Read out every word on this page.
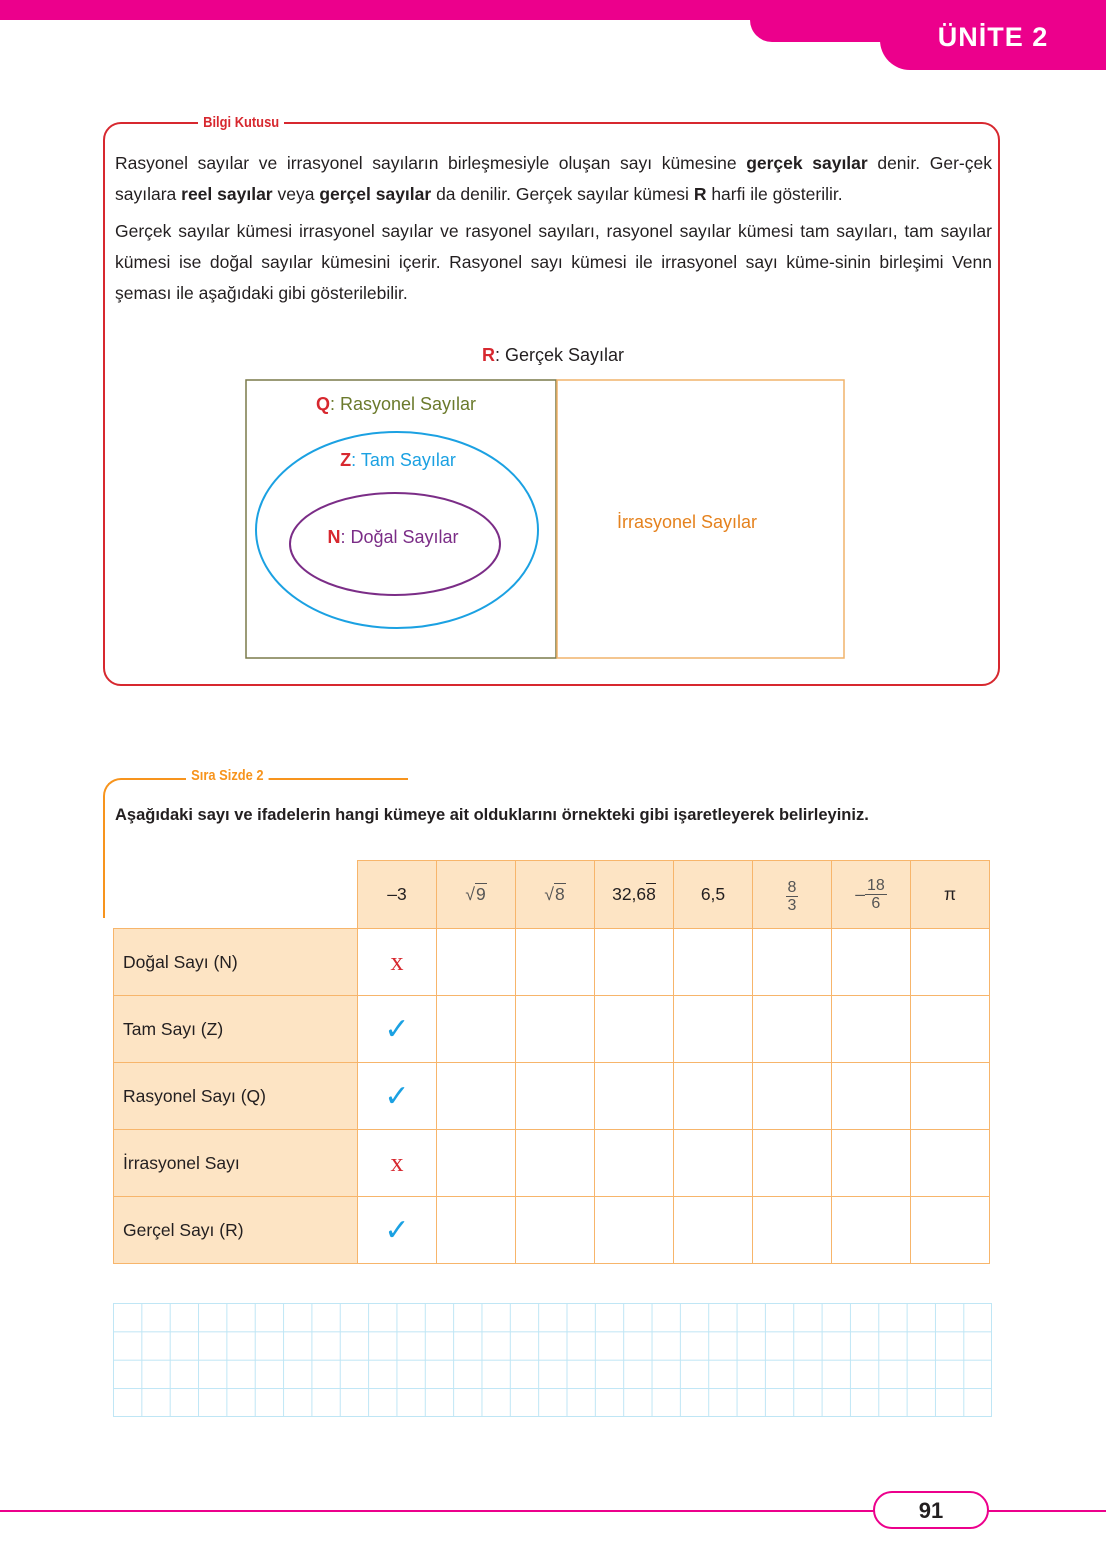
ÜNİTE 2
Bilgi Kutusu

Rasyonel sayılar ve irrasyonel sayıların birleşmesiyle oluşan sayı kümesine gerçek sayılar denir. Ger-çek sayılara reel sayılar veya gerçel sayılar da denilir. Gerçek sayılar kümesi R harfi ile gösterilir.

Gerçek sayılar kümesi irrasyonel sayılar ve rasyonel sayıları, rasyonel sayılar kümesi tam sayıları, tam sayılar kümesi ise doğal sayılar kümesini içerir. Rasyonel sayı kümesi ile irrasyonel sayı küme-sinin birleşimi Venn şeması ile aşağıdaki gibi gösterilebilir.

R: Gerçek Sayılar
Q: Rasyonel Sayılar
Z: Tam Sayılar
N: Doğal Sayılar
İrrasyonel Sayılar
Sıra Sizde 2
Aşağıdaki sayı ve ifadelerin hangi kümeye ait olduklarını örnekteki gibi işaretleyerek belirleyiniz.
	–3	√9	√8	32,68	6,5	$\frac{8}{3}$	– $\frac{18}{6}$	π
Doğal Sayı (N)	x							
Tam Sayı (Z)	✓							
Rasyonel Sayı (Q)	✓							
İrrasyonel Sayı	x							
Gerçel Sayı (R)	✓							
91
